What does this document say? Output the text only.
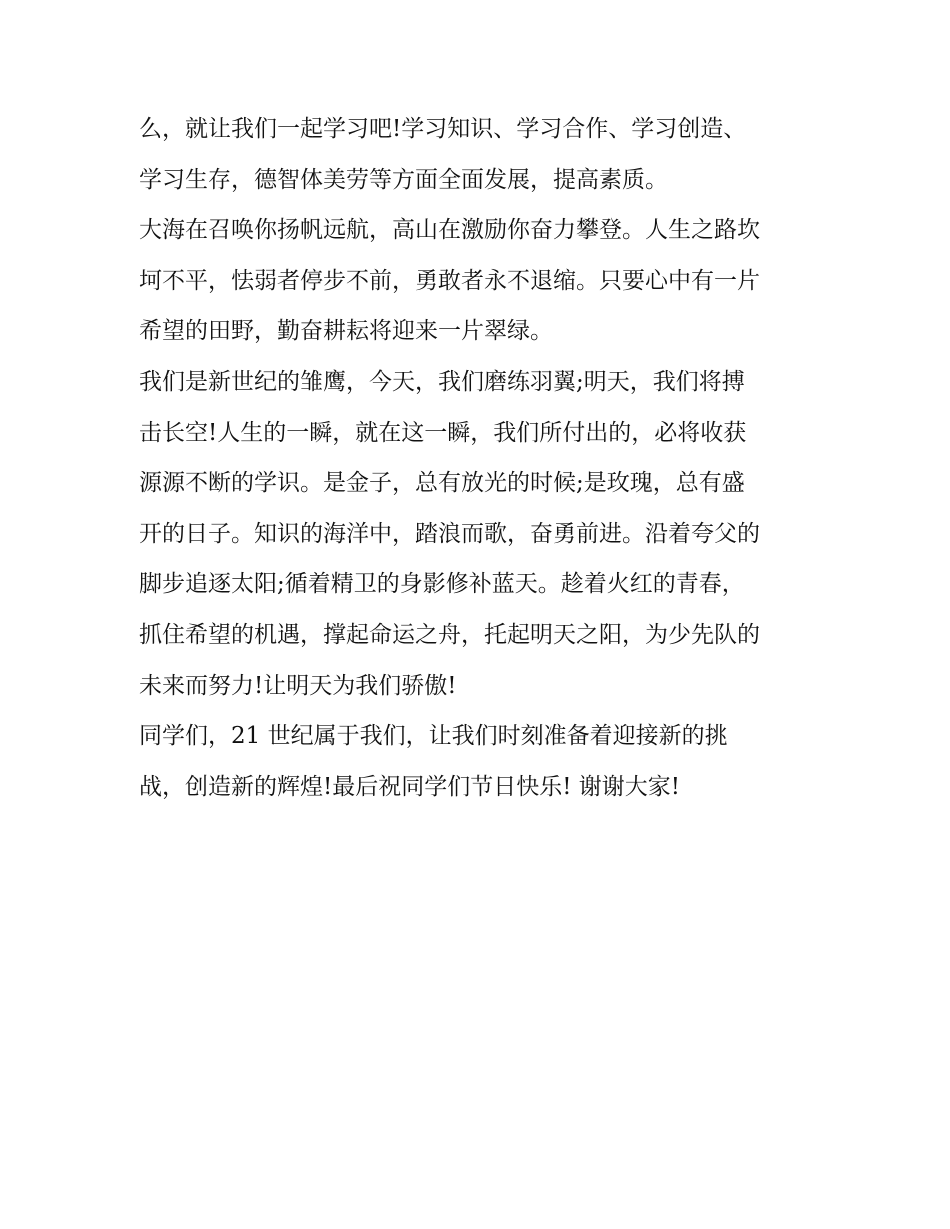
么，就让我们一起学习吧!学习知识、学习合作、学习创造、
学习生存，德智体美劳等方面全面发展，提高素质。
大海在召唤你扬帆远航，高山在激励你奋力攀登。人生之路坎
坷不平，怯弱者停步不前，勇敢者永不退缩。只要心中有一片
希望的田野，勤奋耕耘将迎来一片翠绿。
我们是新世纪的雏鹰，今天，我们磨练羽翼;明天，我们将搏
击长空!人生的一瞬，就在这一瞬，我们所付出的，必将收获
源源不断的学识。是金子，总有放光的时候;是玫瑰，总有盛
开的日子。知识的海洋中，踏浪而歌，奋勇前进。沿着夸父的
脚步追逐太阳;循着精卫的身影修补蓝天。趁着火红的青春，
抓住希望的机遇，撑起命运之舟，托起明天之阳，为少先队的
未来而努力!让明天为我们骄傲!
同学们，21 世纪属于我们，让我们时刻准备着迎接新的挑
战，创造新的辉煌!最后祝同学们节日快乐! 谢谢大家!
